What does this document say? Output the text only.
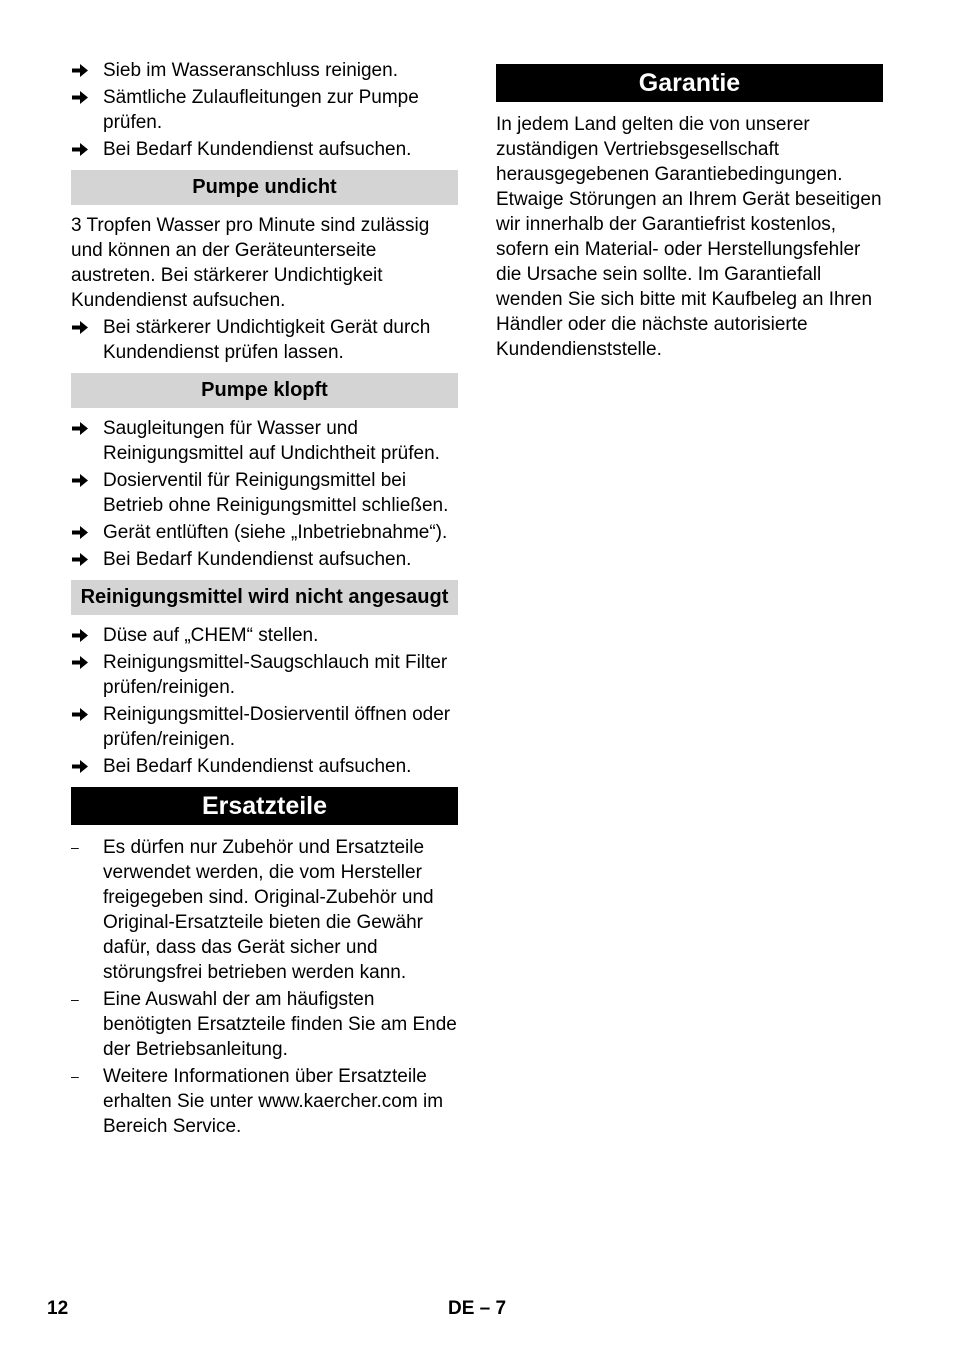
Sieb im Wasseranschluss reinigen.
Sämtliche Zulaufleitungen zur Pumpe prüfen.
Bei Bedarf Kundendienst aufsuchen.
Pumpe undicht

3 Tropfen Wasser pro Minute sind zulässig und können an der Geräteunterseite austreten. Bei stärkerer Undichtigkeit Kundendienst aufsuchen.

Bei stärkerer Undichtigkeit Gerät durch Kundendienst prüfen lassen.
Pumpe klopft
Saugleitungen für Wasser und Reinigungsmittel auf Undichtheit prüfen.
Dosierventil für Reinigungsmittel bei Betrieb ohne Reinigungsmittel schließen.
Gerät entlüften (siehe „Inbetriebnahme“).
Bei Bedarf Kundendienst aufsuchen.
Reinigungsmittel wird nicht angesaugt
Düse auf „CHEM“ stellen.
Reinigungsmittel-Saugschlauch mit Filter prüfen/reinigen.
Reinigungsmittel-Dosierventil öffnen oder prüfen/reinigen.
Bei Bedarf Kundendienst aufsuchen.
Ersatzteile
– Es dürfen nur Zubehör und Ersatzteile verwendet werden, die vom Hersteller freigegeben sind. Original-Zubehör und Original-Ersatzteile bieten die Gewähr dafür, dass das Gerät sicher und störungsfrei betrieben werden kann.
– Eine Auswahl der am häufigsten benötigten Ersatzteile finden Sie am Ende der Betriebsanleitung.
– Weitere Informationen über Ersatzteile erhalten Sie unter www.kaercher.com im Bereich Service.
Garantie

In jedem Land gelten die von unserer zuständigen Vertriebsgesellschaft herausgegebenen Garantiebedingungen. Etwaige Störungen an Ihrem Gerät beseitigen wir innerhalb der Garantiefrist kostenlos, sofern ein Material- oder Herstellungsfehler die Ursache sein sollte. Im Garantiefall wenden Sie sich bitte mit Kaufbeleg an Ihren Händler oder die nächste autorisierte Kundendienststelle.

12	DE – 7
